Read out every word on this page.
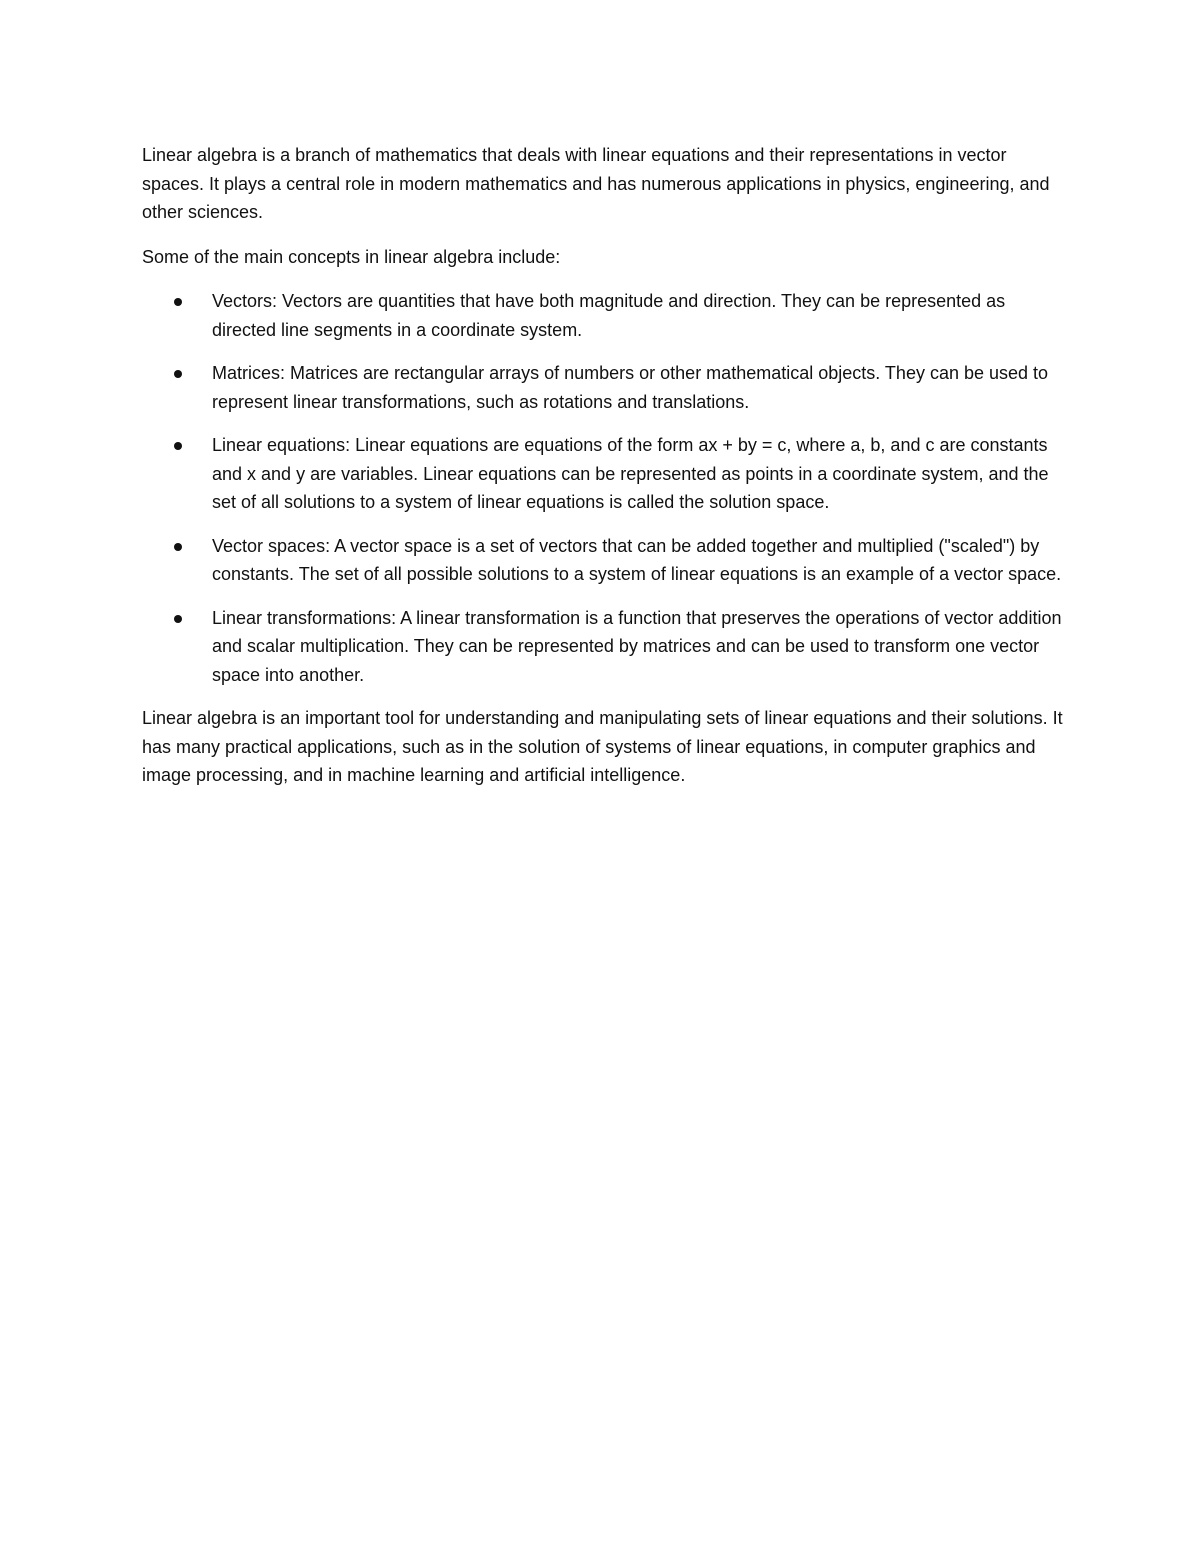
Linear algebra is a branch of mathematics that deals with linear equations and their representations in vector spaces. It plays a central role in modern mathematics and has numerous applications in physics, engineering, and other sciences.

Some of the main concepts in linear algebra include:

Vectors: Vectors are quantities that have both magnitude and direction. They can be represented as directed line segments in a coordinate system.
Matrices: Matrices are rectangular arrays of numbers or other mathematical objects. They can be used to represent linear transformations, such as rotations and translations.
Linear equations: Linear equations are equations of the form ax + by = c, where a, b, and c are constants and x and y are variables. Linear equations can be represented as points in a coordinate system, and the set of all solutions to a system of linear equations is called the solution space.
Vector spaces: A vector space is a set of vectors that can be added together and multiplied ("scaled") by constants. The set of all possible solutions to a system of linear equations is an example of a vector space.
Linear transformations: A linear transformation is a function that preserves the operations of vector addition and scalar multiplication. They can be represented by matrices and can be used to transform one vector space into another.

Linear algebra is an important tool for understanding and manipulating sets of linear equations and their solutions. It has many practical applications, such as in the solution of systems of linear equations, in computer graphics and image processing, and in machine learning and artificial intelligence.
